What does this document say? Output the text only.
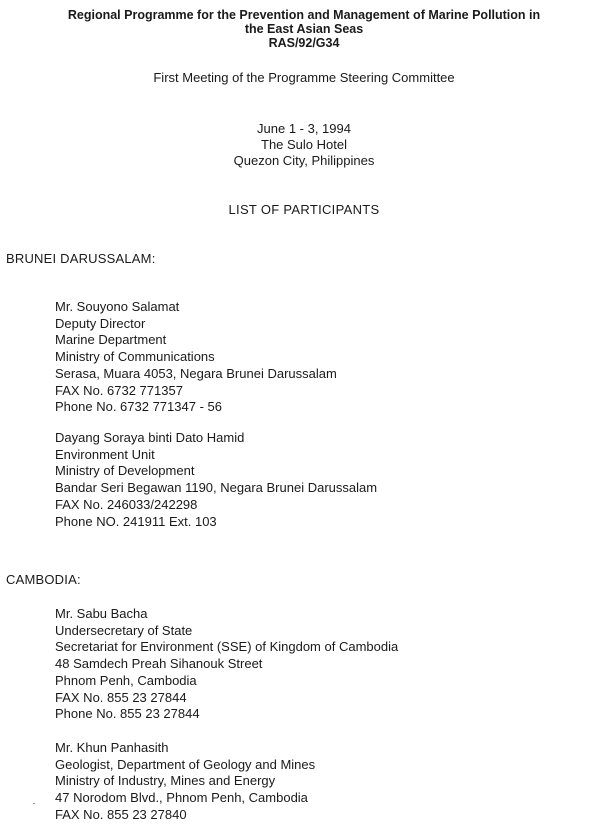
Regional Programme for the Prevention and Management of Marine Pollution in
the East Asian Seas
RAS/92/G34
First Meeting of the Programme Steering Committee
June 1 - 3, 1994
The Sulo Hotel
Quezon City, Philippines
LIST OF PARTICIPANTS
BRUNEI DARUSSALAM:
Mr. Souyono Salamat
Deputy Director
Marine Department
Ministry of Communications
Serasa, Muara 4053, Negara Brunei Darussalam
FAX No. 6732 771357
Phone No. 6732 771347 - 56
Dayang Soraya binti Dato Hamid
Environment Unit
Ministry of Development
Bandar Seri Begawan 1190, Negara Brunei Darussalam
FAX No. 246033/242298
Phone NO. 241911 Ext. 103
CAMBODIA:
Mr. Sabu Bacha
Undersecretary of State
Secretariat for Environment (SSE) of Kingdom of Cambodia
48 Samdech Preah Sihanouk Street
Phnom Penh, Cambodia
FAX No. 855 23 27844
Phone No. 855 23 27844
Mr. Khun Panhasith
Geologist, Department of Geology and Mines
Ministry of Industry, Mines and Energy
47 Norodom Blvd., Phnom Penh, Cambodia
FAX No. 855 23 27840
